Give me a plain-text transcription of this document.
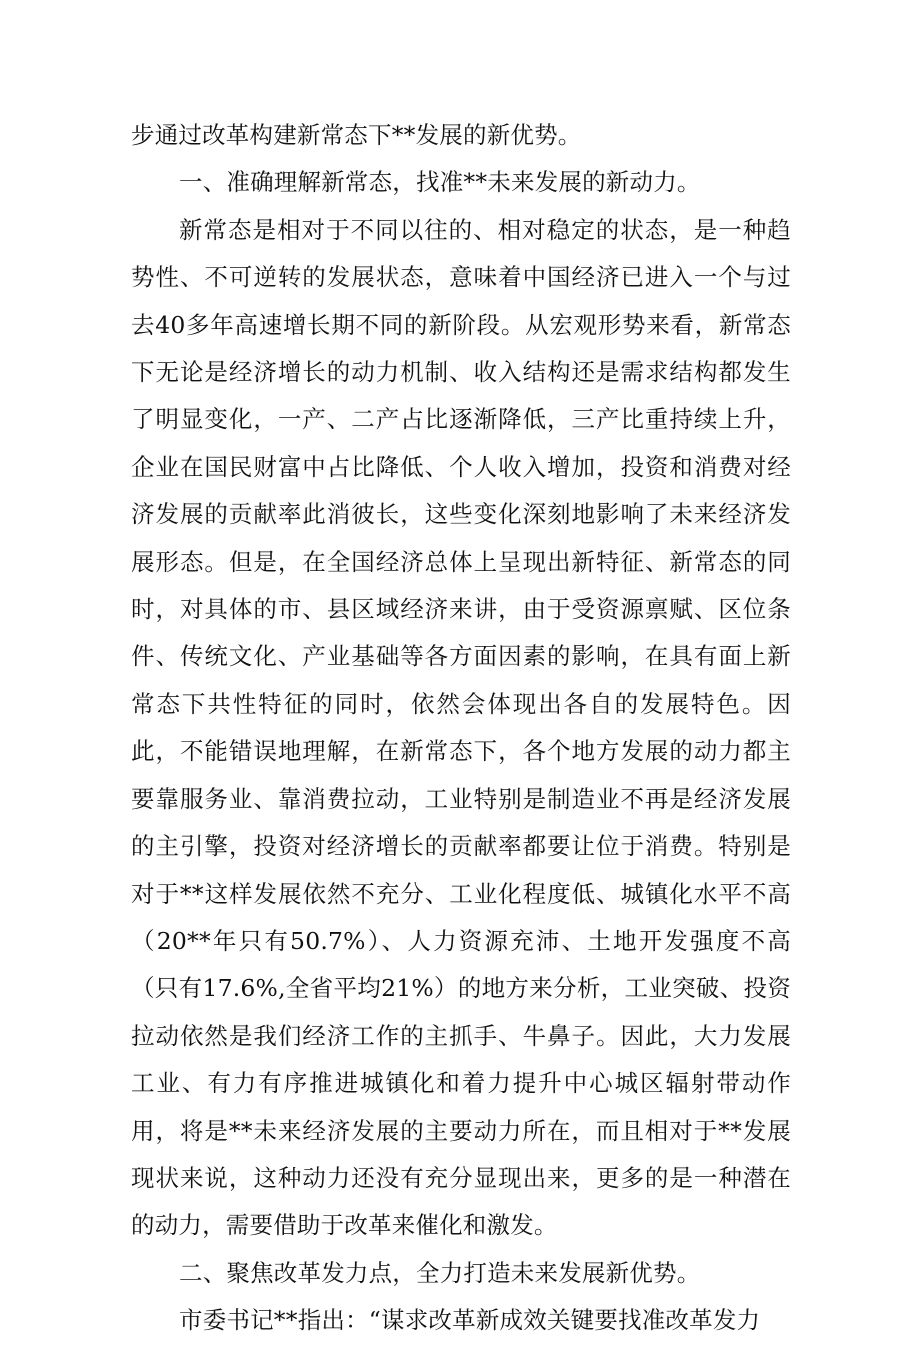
步通过改革构建新常态下**发展的新优势。

一、准确理解新常态，找准**未来发展的新动力。

新常态是相对于不同以往的、相对稳定的状态，是一种趋势性、不可逆转的发展状态，意味着中国经济已进入一个与过去40多年高速增长期不同的新阶段。从宏观形势来看，新常态下无论是经济增长的动力机制、收入结构还是需求结构都发生了明显变化，一产、二产占比逐渐降低，三产比重持续上升，企业在国民财富中占比降低、个人收入增加，投资和消费对经济发展的贡献率此消彼长，这些变化深刻地影响了未来经济发展形态。但是，在全国经济总体上呈现出新特征、新常态的同时，对具体的市、县区域经济来讲，由于受资源禀赋、区位条件、传统文化、产业基础等各方面因素的影响，在具有面上新常态下共性特征的同时，依然会体现出各自的发展特色。因此，不能错误地理解，在新常态下，各个地方发展的动力都主要靠服务业、靠消费拉动，工业特别是制造业不再是经济发展的主引擎，投资对经济增长的贡献率都要让位于消费。特别是对于**这样发展依然不充分、工业化程度低、城镇化水平不高（20**年只有50.7%）、人力资源充沛、土地开发强度不高（只有17.6%,全省平均21%）的地方来分析，工业突破、投资拉动依然是我们经济工作的主抓手、牛鼻子。因此，大力发展工业、有力有序推进城镇化和着力提升中心城区辐射带动作用，将是**未来经济发展的主要动力所在，而且相对于**发展现状来说，这种动力还没有充分显现出来，更多的是一种潜在的动力，需要借助于改革来催化和激发。

二、聚焦改革发力点，全力打造未来发展新优势。

市委书记**指出：“谋求改革新成效关键要找准改革发力
